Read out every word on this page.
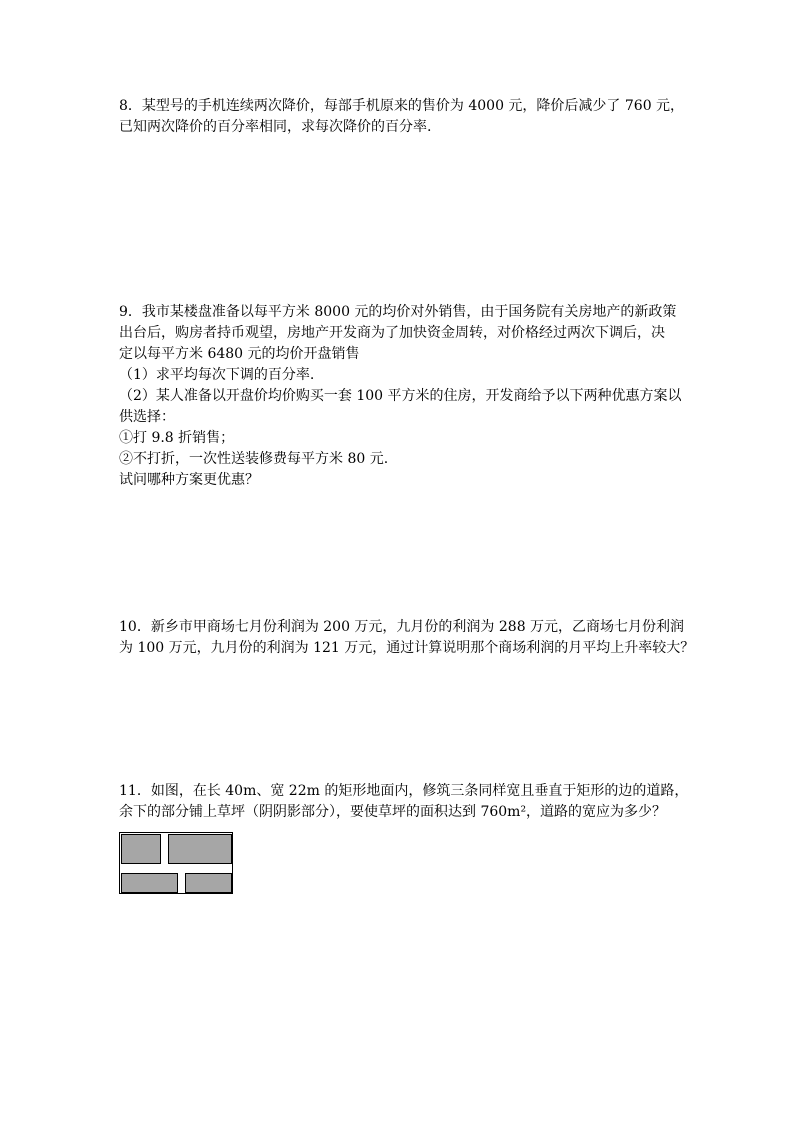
8．某型号的手机连续两次降价，每部手机原来的售价为 4000 元，降价后减少了 760 元，
已知两次降价的百分率相同，求每次降价的百分率.
9．我市某楼盘准备以每平方米 8000 元的均价对外销售，由于国务院有关房地产的新政策
出台后，购房者持币观望，房地产开发商为了加快资金周转，对价格经过两次下调后，决
定以每平方米 6480 元的均价开盘销售
（1）求平均每次下调的百分率.
（2）某人准备以开盘价均价购买一套 100 平方米的住房，开发商给予以下两种优惠方案以
供选择：
①打 9.8 折销售；
②不打折，一次性送装修费每平方米 80 元.
试问哪种方案更优惠？
10．新乡市甲商场七月份利润为 200 万元，九月份的利润为 288 万元，乙商场七月份利润
为 100 万元，九月份的利润为 121 万元，通过计算说明那个商场利润的月平均上升率较大？
11．如图，在长 40m、宽 22m 的矩形地面内，修筑三条同样宽且垂直于矩形的边的道路，
余下的部分铺上草坪（阴阴影部分），要使草坪的面积达到 760m²，道路的宽应为多少？
